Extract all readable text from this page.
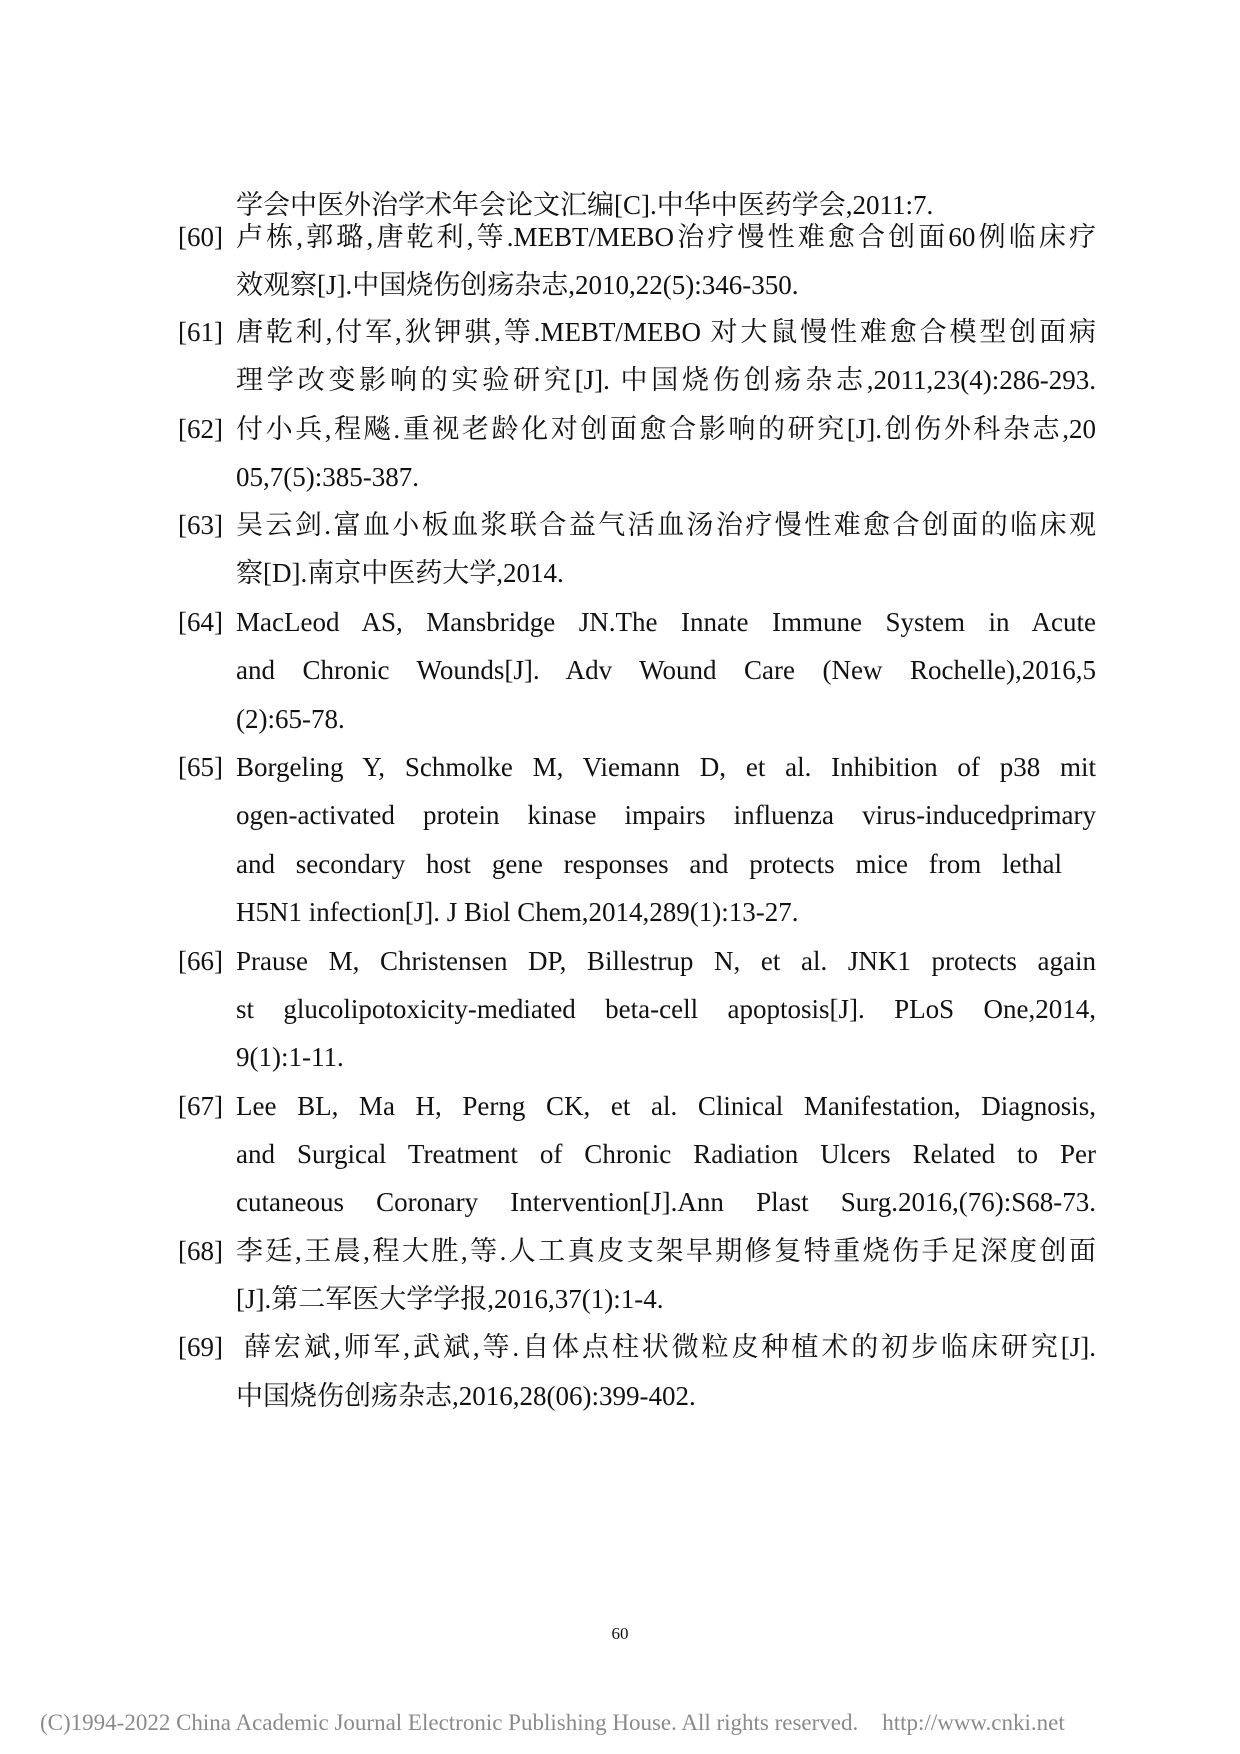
学会中医外治学术年会论文汇编[C].中华中医药学会,2011:7.
[60] 卢栋,郭璐,唐乾利,等.MEBT/MEBO治疗慢性难愈合创面60例临床疗
效观察[J].中国烧伤创疡杂志,2010,22(5):346-350.
[61] 唐乾利,付军,狄钾骐,等.MEBT/MEBO 对大鼠慢性难愈合模型创面病
理学改变影响的实验研究[J]. 中国烧伤创疡杂志,2011,23(4):286-293.
[62] 付小兵,程飚.重视老龄化对创面愈合影响的研究[J].创伤外科杂志,20
05,7(5):385-387.
[63] 吴云剑.富血小板血浆联合益气活血汤治疗慢性难愈合创面的临床观
察[D].南京中医药大学,2014.
[64] MacLeod AS, Mansbridge JN.The Innate Immune System in Acute
and Chronic Wounds[J]. Adv Wound Care (New Rochelle),2016,5
(2):65-78.
[65] Borgeling Y, Schmolke M, Viemann D, et al. Inhibition of p38 mit
ogen-activated protein kinase impairs influenza virus-inducedprimary
and secondary host gene responses and protects mice from lethal
H5N1 infection[J]. J Biol Chem,2014,289(1):13-27.
[66] Prause M, Christensen DP, Billestrup N, et al. JNK1 protects again
st glucolipotoxicity-mediated beta-cell apoptosis[J]. PLoS One,2014,
9(1):1-11.
[67] Lee BL, Ma H, Perng CK, et al. Clinical Manifestation, Diagnosis,
and Surgical Treatment of Chronic Radiation Ulcers Related to Per
cutaneous Coronary Intervention[J].Ann Plast Surg.2016,(76):S68-73.
[68] 李廷,王晨,程大胜,等.人工真皮支架早期修复特重烧伤手足深度创面
[J].第二军医大学学报,2016,37(1):1-4.
[69] 薛宏斌,师军,武斌,等.自体点柱状微粒皮种植术的初步临床研究[J].
中国烧伤创疡杂志,2016,28(06):399-402.
60
(C)1994-2022 China Academic Journal Electronic Publishing House. All rights reserved. http://www.cnki.net
